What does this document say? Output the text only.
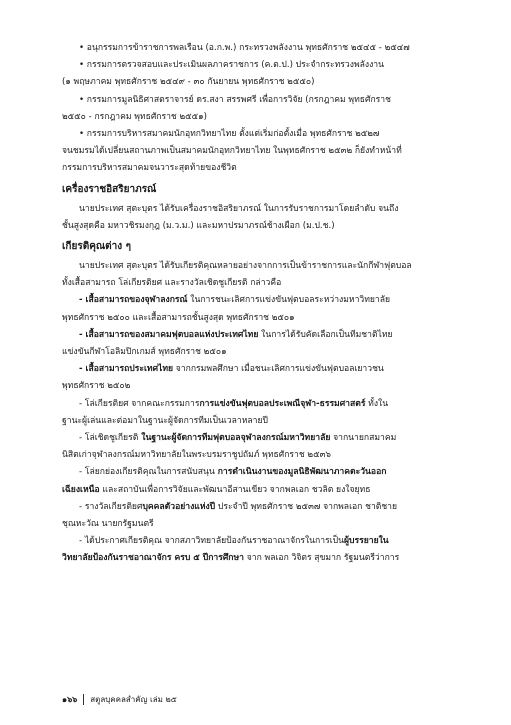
• อนุกรรมการข้าราชการพลเรือน (อ.ก.พ.) กระทรวงพลังงาน พุทธศักราช ๒๕๔๕ - ๒๕๔๗

• กรรมการตรวจสอบและประเมินผลภาคราชการ (ค.ต.ป.) ประจำกระทรวงพลังงาน

(๑ พฤษภาคม พุทธศักราช ๒๕๔๙ - ๓๐ กันยายน พุทธศักราช ๒๕๕๐)

• กรรมการมูลนิธิศาสตราจารย์ ดร.สงา สรรพศรี เพื่อการวิจัย (กรกฎาคม พุทธศักราช

๒๕๕๐ - กรกฎาคม พุทธศักราช ๒๕๕๑)

• กรรมการบริหารสมาคมนักอุทกวิทยาไทย ตั้งแต่เริ่มก่อตั้งเมื่อ พุทธศักราช ๒๕๒๗

จนชมรมได้เปลี่ยนสถานภาพเป็นสมาคมนักอุทกวิทยาไทย ในพุทธศักราช ๒๕๓๒ ก็ยังทำหน้าที่

กรรมการบริหารสมาคมจนวาระสุดท้ายของชีวิต

เครื่องราชอิสริยาภรณ์

นายประเทศ สุตะบุตร ได้รับเครื่องราชอิสริยาภรณ์ ในการรับราชการมาโดยลำดับ จนถึง

ชั้นสูงสุดคือ มหาวชิรมงกุฎ (ม.ว.ม.) และมหาปรมาภรณ์ช้างเผือก (ม.ป.ช.)

เกียรติคุณต่าง ๆ

นายประเทศ สุตะบุตร ได้รับเกียรติคุณหลายอย่างจากการเป็นข้าราชการและนักกีฬาฟุตบอล

ทั้งเสื้อสามารถ โล่เกียรติยศ และรางวัลเชิดชูเกียรติ กล่าวคือ

- เสื้อสามารถของจุฬาลงกรณ์ ในการชนะเลิศการแข่งขันฟุตบอลระหว่างมหาวิทยาลัย

พุทธศักราช ๒๕๐๐ และเสื้อสามารถชั้นสูงสุด พุทธศักราช ๒๕๐๑

- เสื้อสามารถของสมาคมฟุตบอลแห่งประเทศไทย ในการได้รับคัดเลือกเป็นทีมชาติไทย

แข่งขันกีฬาโอลิมปิกเกมส์ พุทธศักราช ๒๕๐๑

- เสื้อสามารถประเทศไทย จากกรมพลศึกษา เมื่อชนะเลิศการแข่งขันฟุตบอลเยาวชน

พุทธศักราช ๒๕๐๒

- โล่เกียรติยศ จากคณะกรรมการการแข่งขันฟุตบอลประเพณีจุฬา-ธรรมศาสตร์ ทั้งใน

ฐานะผู้เล่นและต่อมาในฐานะผู้จัดการทีมเป็นเวลาหลายปี

- โล่เชิดชูเกียรติ ในฐานะผู้จัดการทีมฟุตบอลจุฬาลงกรณ์มหาวิทยาลัย จากนายกสมาคม

นิสิตเก่าจุฬาลงกรณ์มหาวิทยาลัยในพระบรมราชูปถัมภ์ พุทธศักราช ๒๕๓๖

- โล่ยกย่องเกียรติคุณในการสนับสนุน การดำเนินงานของมูลนิธิพัฒนาภาคตะวันออก

เฉียงเหนือ และสถาบันเพื่อการวิจัยและพัฒนาอีสานเขียว จากพลเอก ชวลิต ยงใจยุทธ

- รางวัลเกียรติยศบุคคลตัวอย่างแห่งปี ประจำปี พุทธศักราช ๒๕๓๗ จากพลเอก ชาติชาย

ชุณหะวัณ นายกรัฐมนตรี

- ได้ประกาศเกียรติคุณ จากสภาวิทยาลัยป้องกันราชอาณาจักรในการเป็นผู้บรรยายใน

วิทยาลัยป้องกันราชอาณาจักร ครบ ๕ ปีการศึกษา จาก พลเอก วิจิตร สุขมาก รัฐมนตรีว่าการ

๑๖๖	สตูลบุคคลสำคัญ เล่ม ๒๕
